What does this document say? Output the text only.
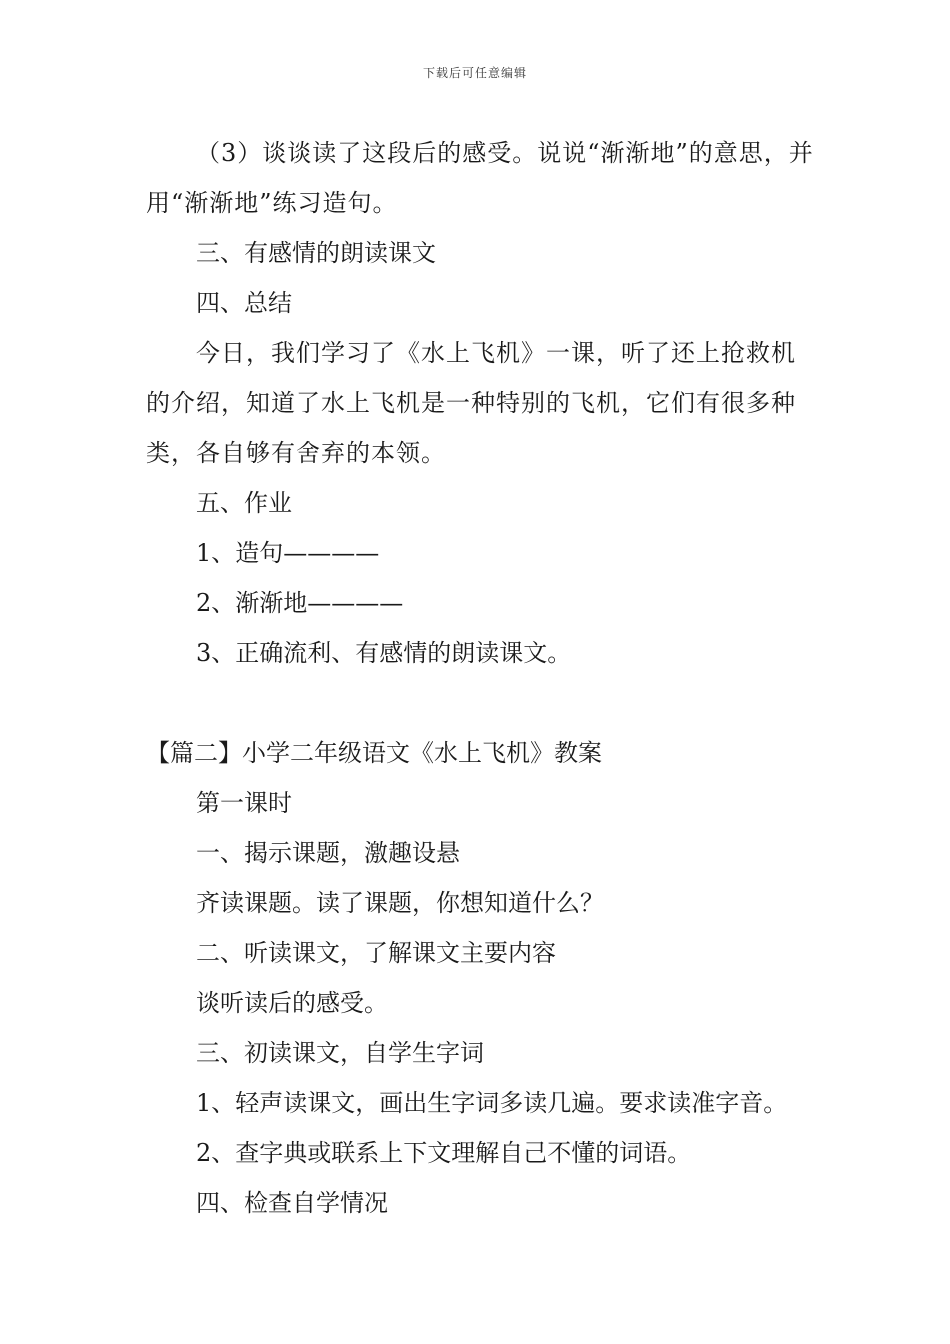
下载后可任意编辑

（3）谈谈读了这段后的感受。说说“渐渐地”的意思，并用“渐渐地”练习造句。

三、有感情的朗读课文

四、总结

今日，我们学习了《水上飞机》一课，听了还上抢救机的介绍，知道了水上飞机是一种特别的飞机，它们有很多种类，各自够有舍弃的本领。

五、作业

1、造句————

2、渐渐地————

3、正确流利、有感情的朗读课文。

【篇二】小学二年级语文《水上飞机》教案

第一课时

一、揭示课题，激趣设悬

齐读课题。读了课题，你想知道什么？

二、听读课文，了解课文主要内容

谈听读后的感受。

三、初读课文，自学生字词

1、轻声读课文，画出生字词多读几遍。要求读准字音。

2、查字典或联系上下文理解自己不懂的词语。

四、检查自学情况
